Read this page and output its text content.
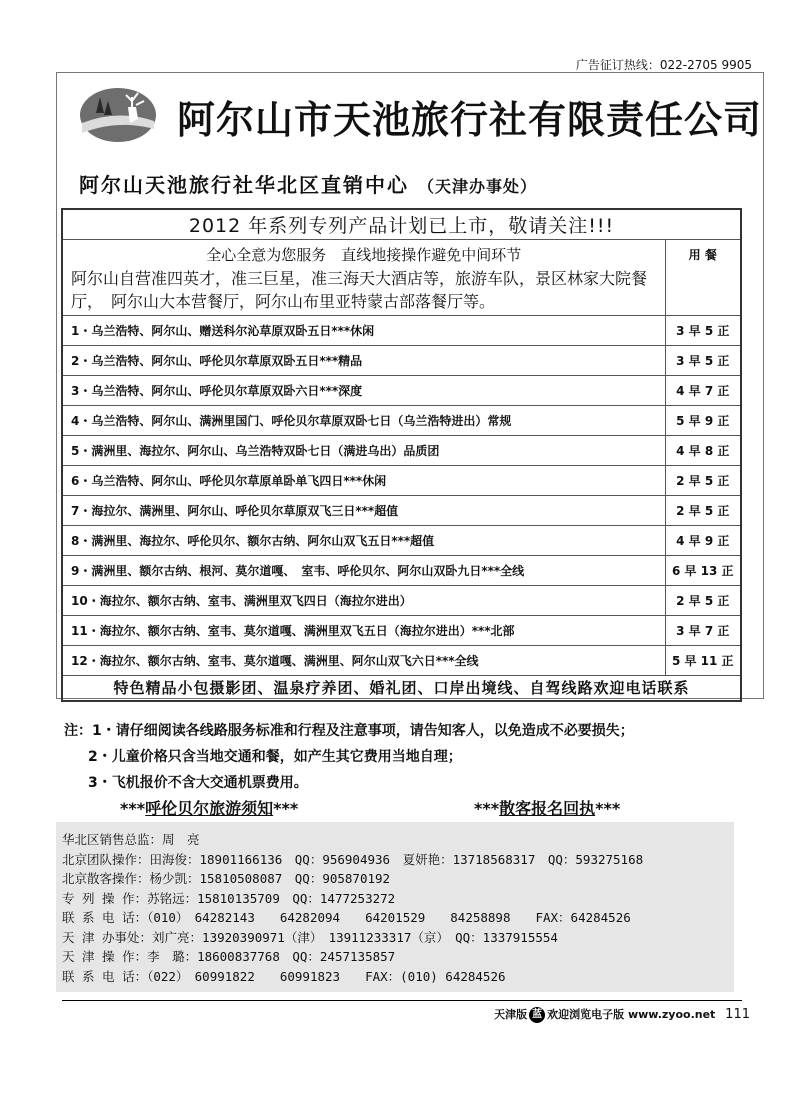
广告征订热线：022-2705 9905
阿尔山市天池旅行社有限责任公司
阿尔山天池旅行社华北区直销中心 （天津办事处）
2012 年系列专列产品计划已上市，敬请关注!!!	

全心全意为您服务　直线地接操作避免中间环节
阿尔山自营准四英才，准三巨星，准三海天大酒店等，旅游车队，景区林家大院餐厅，　阿尔山大本营餐厅，阿尔山布里亚特蒙古部落餐厅等。	用 餐
1・乌兰浩特、阿尔山、赠送科尔沁草原双卧五日***休闲	3 早 5 正
2・乌兰浩特、阿尔山、呼伦贝尔草原双卧五日***精品	3 早 5 正
3・乌兰浩特、阿尔山、呼伦贝尔草原双卧六日***深度	4 早 7 正
4・乌兰浩特、阿尔山、满洲里国门、呼伦贝尔草原双卧七日（乌兰浩特进出）常规	5 早 9 正
5・满洲里、海拉尔、阿尔山、乌兰浩特双卧七日（满进乌出）品质团	4 早 8 正
6・乌兰浩特、阿尔山、呼伦贝尔草原单卧单飞四日***休闲	2 早 5 正
7・海拉尔、满洲里、阿尔山、呼伦贝尔草原双飞三日***超值	2 早 5 正
8・满洲里、海拉尔、呼伦贝尔、额尔古纳、阿尔山双飞五日***超值	4 早 9 正
9・满洲里、额尔古纳、根河、莫尔道嘎、　室韦、呼伦贝尔、阿尔山双卧九日***全线	6 早 13 正
10・海拉尔、额尔古纳、室韦、满洲里双飞四日（海拉尔进出）	2 早 5 正
11・海拉尔、额尔古纳、室韦、莫尔道嘎、满洲里双飞五日（海拉尔进出）***北部	3 早 7 正
12・海拉尔、额尔古纳、室韦、莫尔道嘎、满洲里、阿尔山双飞六日***全线	5 早 11 正
特色精品小包摄影团、温泉疗养团、婚礼团、口岸出境线、自驾线路欢迎电话联系	
注：1・请仔细阅读各线路服务标准和行程及注意事项，请告知客人，以免造成不必要损失；
2・儿童价格只含当地交通和餐，如产生其它费用当地自理；
3・飞机报价不含大交通机票费用。
***呼伦贝尔旅游须知***	***散客报名回执***
华北区销售总监：周　亮
北京团队操作：田海俊：18901166136　QQ：956904936　夏妍艳：13718568317　QQ：593275168
北京散客操作：杨少凯：15810508087　QQ：905870192
专 列 操 作：苏铭远：15810135709　QQ：1477253272
联 系 电 话：（010）　64282143　　64282094　　64201529　　84258898　　FAX：64284526
天 津 办事处：刘广亮：13920390971（津）　13911233317（京）　QQ：1337915554
天 津 操 作：李　璐：18600837768　QQ：2457135857
联 系 电 话：（022）　60991822　　60991823　　FAX：(010) 64284526
天津版 蓝 欢迎浏览电子版 www.zyoo.net 111
